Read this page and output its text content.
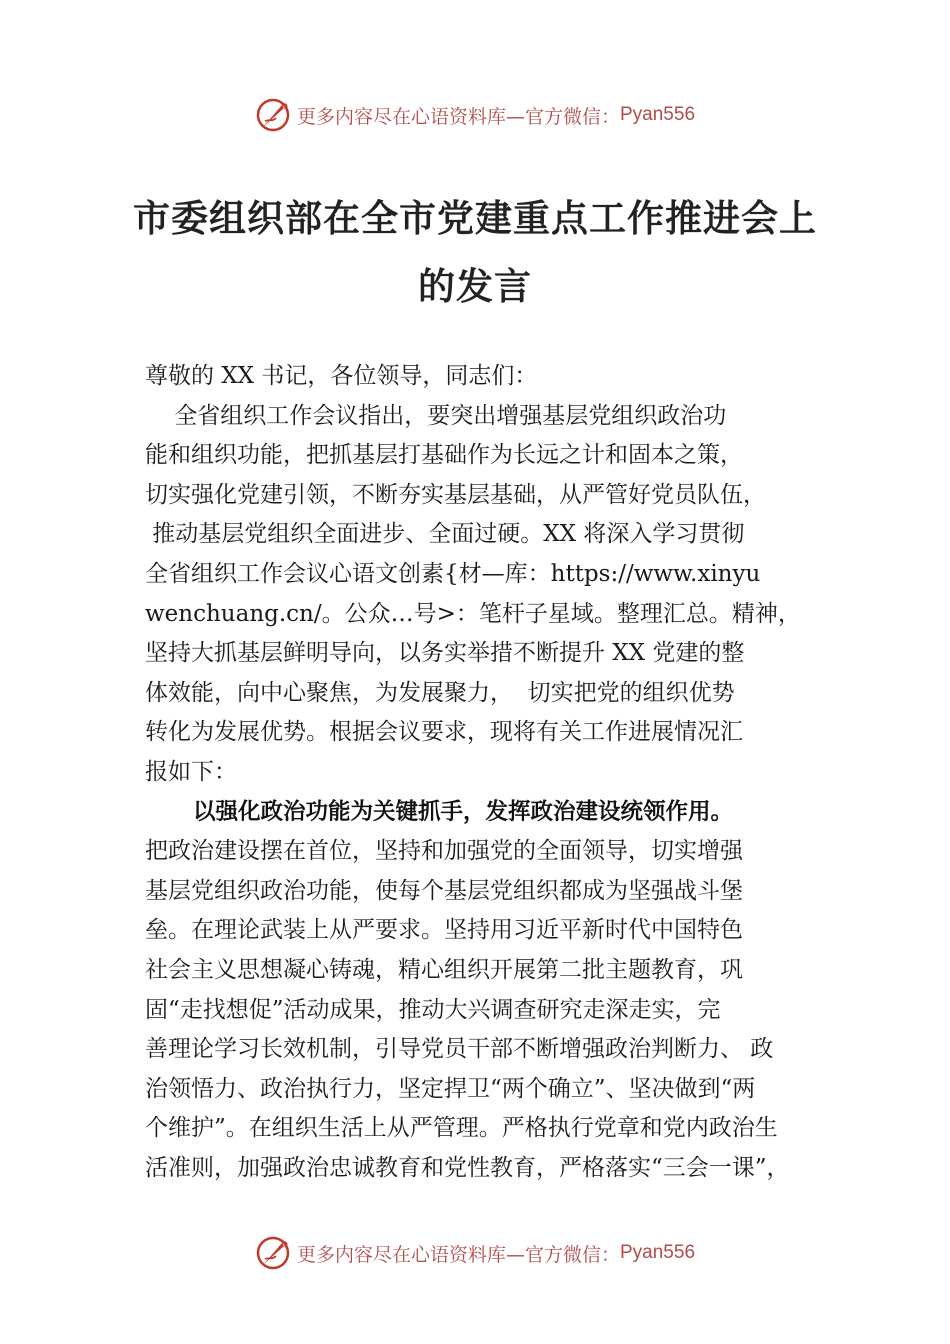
更多内容尽在心语资料库—官方微信： Pyan556
市委组织部在全市党建重点工作推进会上
的发言
尊敬的 XX 书记，各位领导，同志们：
全省组织工作会议指出，要突出增强基层党组织政治功
能和组织功能，把抓基层打基础作为长远之计和固本之策，
切实强化党建引领，不断夯实基层基础，从严管好党员队伍，
推动基层党组织全面进步、全面过硬。XX 将深入学习贯彻
全省组织工作会议心语文创素{材—库：https://www.xinyu
wenchuang.cn/。公众…号>：笔杆子星域。整理汇总。精神，
坚持大抓基层鲜明导向，以务实举措不断提升 XX 党建的整
体效能，向中心聚焦，为发展聚力，  切实把党的组织优势
转化为发展优势。根据会议要求，现将有关工作进展情况汇
报如下：
以强化政治功能为关键抓手，发挥政治建设统领作用。
把政治建设摆在首位，坚持和加强党的全面领导，切实增强
基层党组织政治功能，使每个基层党组织都成为坚强战斗堡
垒。在理论武装上从严要求。坚持用习近平新时代中国特色
社会主义思想凝心铸魂，精心组织开展第二批主题教育，巩
固“走找想促”活动成果，推动大兴调查研究走深走实，完
善理论学习长效机制，引导党员干部不断增强政治判断力、 政
治领悟力、政治执行力，坚定捍卫“两个确立”、坚决做到“两
个维护”。在组织生活上从严管理。严格执行党章和党内政治生
活准则，加强政治忠诚教育和党性教育，严格落实“三会一课”，
更多内容尽在心语资料库—官方微信： Pyan556
